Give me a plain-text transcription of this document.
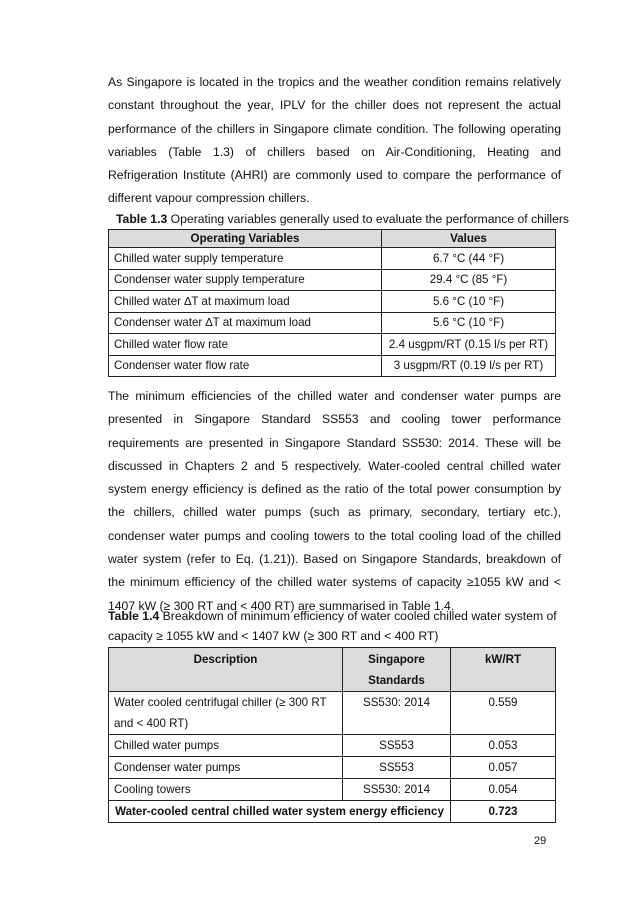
As Singapore is located in the tropics and the weather condition remains relatively constant throughout the year, IPLV for the chiller does not represent the actual performance of the chillers in Singapore climate condition. The following operating variables (Table 1.3) of chillers based on Air-Conditioning, Heating and Refrigeration Institute (AHRI) are commonly used to compare the performance of different vapour compression chillers.

Table 1.3 Operating variables generally used to evaluate the performance of chillers

Operating Variables	Values
Chilled water supply temperature	6.7 °C (44 °F)
Condenser water supply temperature	29.4 °C (85 °F)
Chilled water ∆T at maximum load	5.6 °C (10 °F)
Condenser water ∆T at maximum load	5.6 °C (10 °F)
Chilled water flow rate	2.4 usgpm/RT (0.15 l/s per RT)
Condenser water flow rate	3 usgpm/RT (0.19 l/s per RT)

The minimum efficiencies of the chilled water and condenser water pumps are presented in Singapore Standard SS553 and cooling tower performance requirements are presented in Singapore Standard SS530: 2014. These will be discussed in Chapters 2 and 5 respectively. Water-cooled central chilled water system energy efficiency is defined as the ratio of the total power consumption by the chillers, chilled water pumps (such as primary, secondary, tertiary etc.), condenser water pumps and cooling towers to the total cooling load of the chilled water system (refer to Eq. (1.21)). Based on Singapore Standards, breakdown of the minimum efficiency of the chilled water systems of capacity ≥1055 kW and < 1407 kW (≥ 300 RT and < 400 RT) are summarised in Table 1.4.

Table 1.4 Breakdown of minimum efficiency of water cooled chilled water system of

capacity ≥ 1055 kW and < 1407 kW (≥ 300 RT and < 400 RT)

Description	Singapore Standards	kW/RT
Water cooled centrifugal chiller (≥ 300 RT and < 400 RT)	SS530: 2014	0.559
Chilled water pumps	SS553	0.053
Condenser water pumps	SS553	0.057
Cooling towers	SS530: 2014	0.054
Water-cooled central chilled water system energy efficiency		0.723
29
